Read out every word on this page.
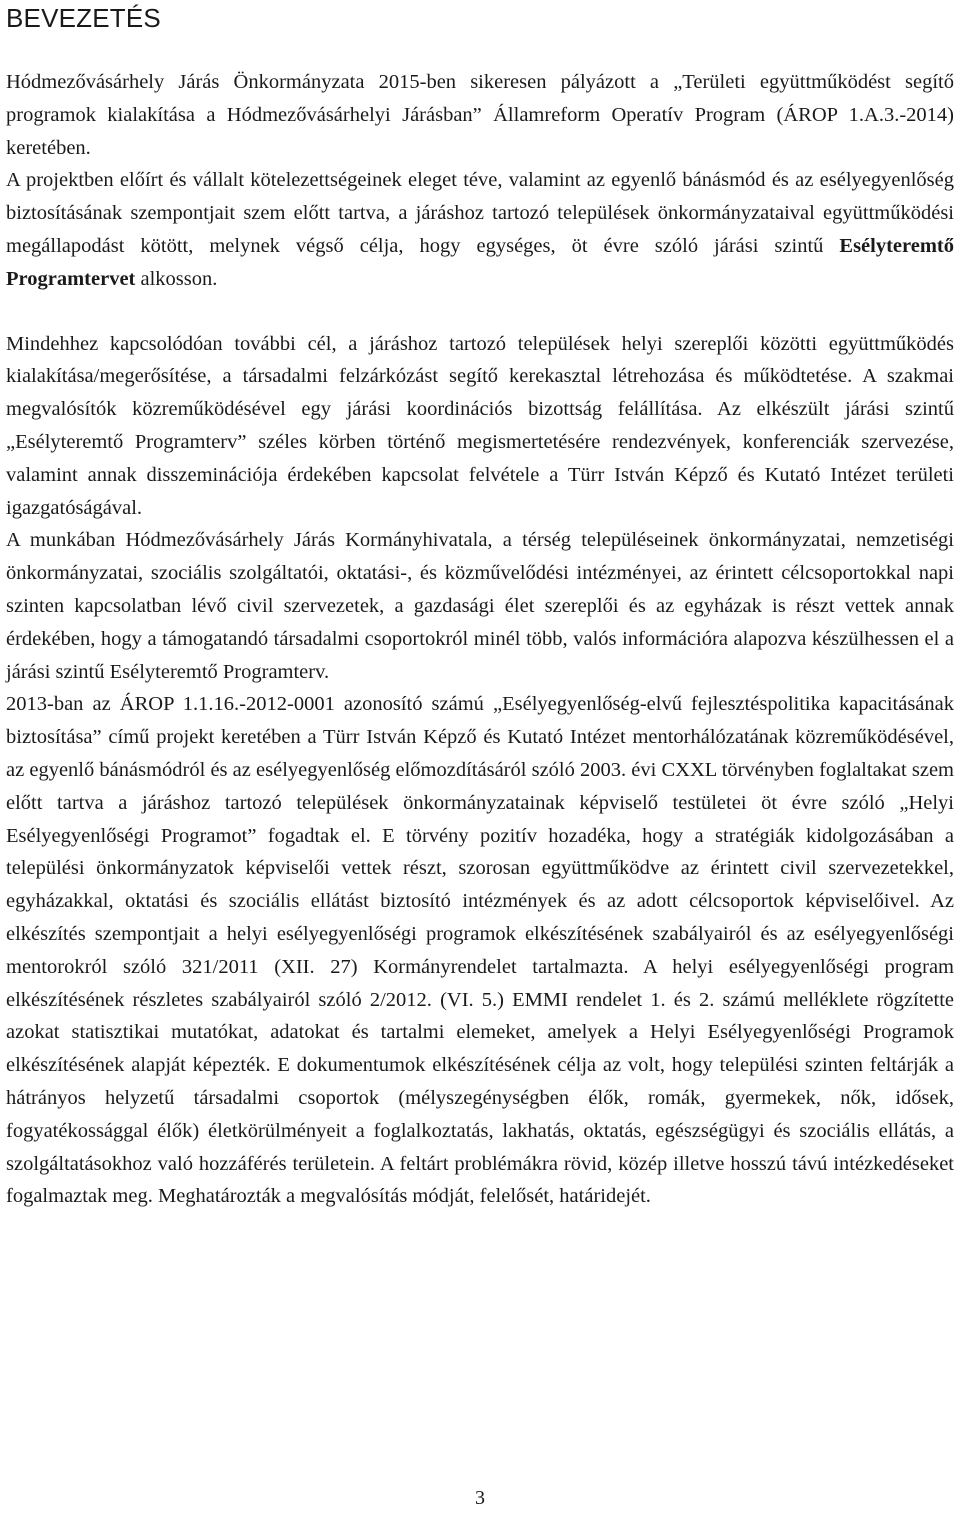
BEVEZETÉS

Hódmezővásárhely Járás Önkormányzata 2015-ben sikeresen pályázott a „Területi együttműködést segítő programok kialakítása a Hódmezővásárhelyi Járásban” Államreform Operatív Program (ÁROP 1.A.3.-2014) keretében.

A projektben előírt és vállalt kötelezettségeinek eleget téve, valamint az egyenlő bánásmód és az esélyegyenlőség biztosításának szempontjait szem előtt tartva, a járáshoz tartozó települések önkormányzataival együttműködési megállapodást kötött, melynek végső célja, hogy egységes, öt évre szóló járási szintű Esélyteremtő Programtervet alkosson.

Mindehhez kapcsolódóan további cél, a járáshoz tartozó települések helyi szereplői közötti együttműködés kialakítása/megerősítése, a társadalmi felzárkózást segítő kerekasztal létrehozása és működtetése. A szakmai megvalósítók közreműködésével egy járási koordinációs bizottság felállítása. Az elkészült járási szintű „Esélyteremtő Programterv” széles körben történő megismertetésére rendezvények, konferenciák szervezése, valamint annak disszeminációja érdekében kapcsolat felvétele a Türr István Képző és Kutató Intézet területi igazgatóságával.

A munkában Hódmezővásárhely Járás Kormányhivatala, a térség településeinek önkormányzatai, nemzetiségi önkormányzatai, szociális szolgáltatói, oktatási-, és közművelődési intézményei, az érintett célcsoportokkal napi szinten kapcsolatban lévő civil szervezetek, a gazdasági élet szereplői és az egyházak is részt vettek annak érdekében, hogy a támogatandó társadalmi csoportokról minél több, valós információra alapozva készülhessen el a járási szintű Esélyteremtő Programterv.

2013-ban az ÁROP 1.1.16.-2012-0001 azonosító számú „Esélyegyenlőség-elvű fejlesztéspolitika kapacitásának biztosítása” című projekt keretében a Türr István Képző és Kutató Intézet mentorhálózatának közreműködésével, az egyenlő bánásmódról és az esélyegyenlőség előmozdításáról szóló 2003. évi CXXL törvényben foglaltakat szem előtt tartva a járáshoz tartozó települések önkormányzatainak képviselő testületei öt évre szóló „Helyi Esélyegyenlőségi Programot” fogadtak el. E törvény pozitív hozadéka, hogy a stratégiák kidolgozásában a települési önkormányzatok képviselői vettek részt, szorosan együttműködve az érintett civil szervezetekkel, egyházakkal, oktatási és szociális ellátást biztosító intézmények és az adott célcsoportok képviselőivel. Az elkészítés szempontjait a helyi esélyegyenlőségi programok elkészítésének szabályairól és az esélyegyenlőségi mentorokról szóló 321/2011 (XII. 27) Kormányrendelet tartalmazta. A helyi esélyegyenlőségi program elkészítésének részletes szabályairól szóló 2/2012. (VI. 5.) EMMI rendelet 1. és 2. számú melléklete rögzítette azokat statisztikai mutatókat, adatokat és tartalmi elemeket, amelyek a Helyi Esélyegyenlőségi Programok elkészítésének alapját képezték. E dokumentumok elkészítésének célja az volt, hogy települési szinten feltárják a hátrányos helyzetű társadalmi csoportok (mélyszegénységben élők, romák, gyermekek, nők, idősek, fogyatékossággal élők) életkörülményeit a foglalkoztatás, lakhatás, oktatás, egészségügyi és szociális ellátás, a szolgáltatásokhoz való hozzáférés területein. A feltárt problémákra rövid, közép illetve hosszú távú intézkedéseket fogalmaztak meg. Meghatározták a megvalósítás módját, felelősét, határidejét.

3
